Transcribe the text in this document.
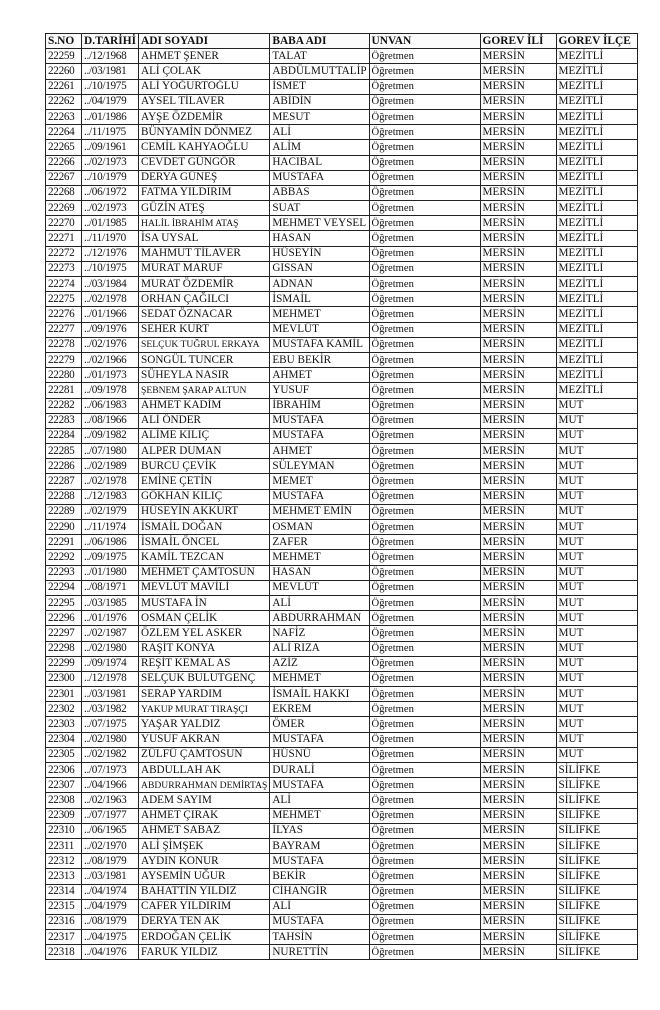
S.NO	D.TARİHİ	ADI SOYADI	BABA ADI	UNVAN	GOREV İLİ	GOREV İLÇE
22259	../12/1968	AHMET ŞENER	TALAT	Öğretmen	MERSİN	MEZİTLİ
22260	../03/1981	ALİ ÇOLAK	ABDÜLMUTTALİP	Öğretmen	MERSİN	MEZİTLİ
22261	../10/1975	ALİ YOĞURTOĞLU	İSMET	Öğretmen	MERSİN	MEZİTLİ
22262	../04/1979	AYSEL TİLAVER	ABİDİN	Öğretmen	MERSİN	MEZİTLİ
22263	../01/1986	AYŞE ÖZDEMİR	MESUT	Öğretmen	MERSİN	MEZİTLİ
22264	../11/1975	BÜNYAMİN DÖNMEZ	ALİ	Öğretmen	MERSİN	MEZİTLİ
22265	../09/1961	CEMİL KAHYAOĞLU	ALİM	Öğretmen	MERSİN	MEZİTLİ
22266	../02/1973	CEVDET GÜNGÖR	HACIBAL	Öğretmen	MERSİN	MEZİTLİ
22267	../10/1979	DERYA GÜNEŞ	MUSTAFA	Öğretmen	MERSİN	MEZİTLİ
22268	../06/1972	FATMA YILDIRIM	ABBAS	Öğretmen	MERSİN	MEZİTLİ
22269	../02/1973	GÜZİN ATEŞ	SUAT	Öğretmen	MERSİN	MEZİTLİ
22270	../01/1985	HALİL İBRAHİM ATAŞ	MEHMET VEYSEL	Öğretmen	MERSİN	MEZİTLİ
22271	../11/1970	İSA UYSAL	HASAN	Öğretmen	MERSİN	MEZİTLİ
22272	../12/1976	MAHMUT TİLAVER	HÜSEYİN	Öğretmen	MERSİN	MEZİTLİ
22273	../10/1975	MURAT MARUF	GISSAN	Öğretmen	MERSİN	MEZİTLİ
22274	../03/1984	MURAT ÖZDEMİR	ADNAN	Öğretmen	MERSİN	MEZİTLİ
22275	../02/1978	ORHAN ÇAĞILCI	İSMAİL	Öğretmen	MERSİN	MEZİTLİ
22276	../01/1966	SEDAT ÖZNACAR	MEHMET	Öğretmen	MERSİN	MEZİTLİ
22277	../09/1976	SEHER KURT	MEVLÜT	Öğretmen	MERSİN	MEZİTLİ
22278	../02/1976	SELÇUK TUĞRUL ERKAYA	MUSTAFA KAMİL	Öğretmen	MERSİN	MEZİTLİ
22279	../02/1966	SONGÜL TUNCER	EBU BEKİR	Öğretmen	MERSİN	MEZİTLİ
22280	../01/1973	SÜHEYLA NASIR	AHMET	Öğretmen	MERSİN	MEZİTLİ
22281	../09/1978	ŞEBNEM ŞARAP ALTUN	YUSUF	Öğretmen	MERSİN	MEZİTLİ
22282	../06/1983	AHMET KADİM	İBRAHİM	Öğretmen	MERSİN	MUT
22283	../08/1966	ALİ ÖNDER	MUSTAFA	Öğretmen	MERSİN	MUT
22284	../09/1982	ALİME KILIÇ	MUSTAFA	Öğretmen	MERSİN	MUT
22285	../07/1980	ALPER DUMAN	AHMET	Öğretmen	MERSİN	MUT
22286	../02/1989	BURCU ÇEVİK	SÜLEYMAN	Öğretmen	MERSİN	MUT
22287	../02/1978	EMİNE ÇETİN	MEMET	Öğretmen	MERSİN	MUT
22288	../12/1983	GÖKHAN KILIÇ	MUSTAFA	Öğretmen	MERSİN	MUT
22289	../02/1979	HÜSEYİN AKKURT	MEHMET EMİN	Öğretmen	MERSİN	MUT
22290	../11/1974	İSMAİL DOĞAN	OSMAN	Öğretmen	MERSİN	MUT
22291	../06/1986	İSMAİL ÖNCEL	ZAFER	Öğretmen	MERSİN	MUT
22292	../09/1975	KAMİL TEZCAN	MEHMET	Öğretmen	MERSİN	MUT
22293	../01/1980	MEHMET ÇAMTOSUN	HASAN	Öğretmen	MERSİN	MUT
22294	../08/1971	MEVLÜT MAVİLİ	MEVLÜT	Öğretmen	MERSİN	MUT
22295	../03/1985	MUSTAFA İN	ALİ	Öğretmen	MERSİN	MUT
22296	../01/1976	OSMAN ÇELİK	ABDURRAHMAN	Öğretmen	MERSİN	MUT
22297	../02/1987	ÖZLEM YEL ASKER	NAFİZ	Öğretmen	MERSİN	MUT
22298	../02/1980	RAŞİT KONYA	ALİ RIZA	Öğretmen	MERSİN	MUT
22299	../09/1974	REŞİT KEMAL AS	AZİZ	Öğretmen	MERSİN	MUT
22300	../12/1978	SELÇUK BULUTGENÇ	MEHMET	Öğretmen	MERSİN	MUT
22301	../03/1981	SERAP YARDIM	İSMAİL HAKKI	Öğretmen	MERSİN	MUT
22302	../03/1982	YAKUP MURAT TIRAŞÇI	EKREM	Öğretmen	MERSİN	MUT
22303	../07/1975	YAŞAR YALDIZ	ÖMER	Öğretmen	MERSİN	MUT
22304	../02/1980	YUSUF AKRAN	MUSTAFA	Öğretmen	MERSİN	MUT
22305	../02/1982	ZÜLFÜ ÇAMTOSUN	HÜSNÜ	Öğretmen	MERSİN	MUT
22306	../07/1973	ABDULLAH AK	DURALİ	Öğretmen	MERSİN	SİLİFKE
22307	../04/1966	ABDURRAHMAN DEMİRTAŞ	MUSTAFA	Öğretmen	MERSİN	SİLİFKE
22308	../02/1963	ADEM SAYIM	ALİ	Öğretmen	MERSİN	SİLİFKE
22309	../07/1977	AHMET ÇIRAK	MEHMET	Öğretmen	MERSİN	SİLİFKE
22310	../06/1965	AHMET SABAZ	İLYAS	Öğretmen	MERSİN	SİLİFKE
22311	../02/1970	ALİ ŞİMŞEK	BAYRAM	Öğretmen	MERSİN	SİLİFKE
22312	../08/1979	AYDIN KONUR	MUSTAFA	Öğretmen	MERSİN	SİLİFKE
22313	../03/1981	AYSEMİN UĞUR	BEKİR	Öğretmen	MERSİN	SİLİFKE
22314	../04/1974	BAHATTİN YILDIZ	CİHANGİR	Öğretmen	MERSİN	SİLİFKE
22315	../04/1979	CAFER YILDIRIM	ALİ	Öğretmen	MERSİN	SİLİFKE
22316	../08/1979	DERYA TEN AK	MUSTAFA	Öğretmen	MERSİN	SİLİFKE
22317	../04/1975	ERDOĞAN ÇELİK	TAHSİN	Öğretmen	MERSİN	SİLİFKE
22318	../04/1976	FARUK YILDIZ	NURETTİN	Öğretmen	MERSİN	SİLİFKE
